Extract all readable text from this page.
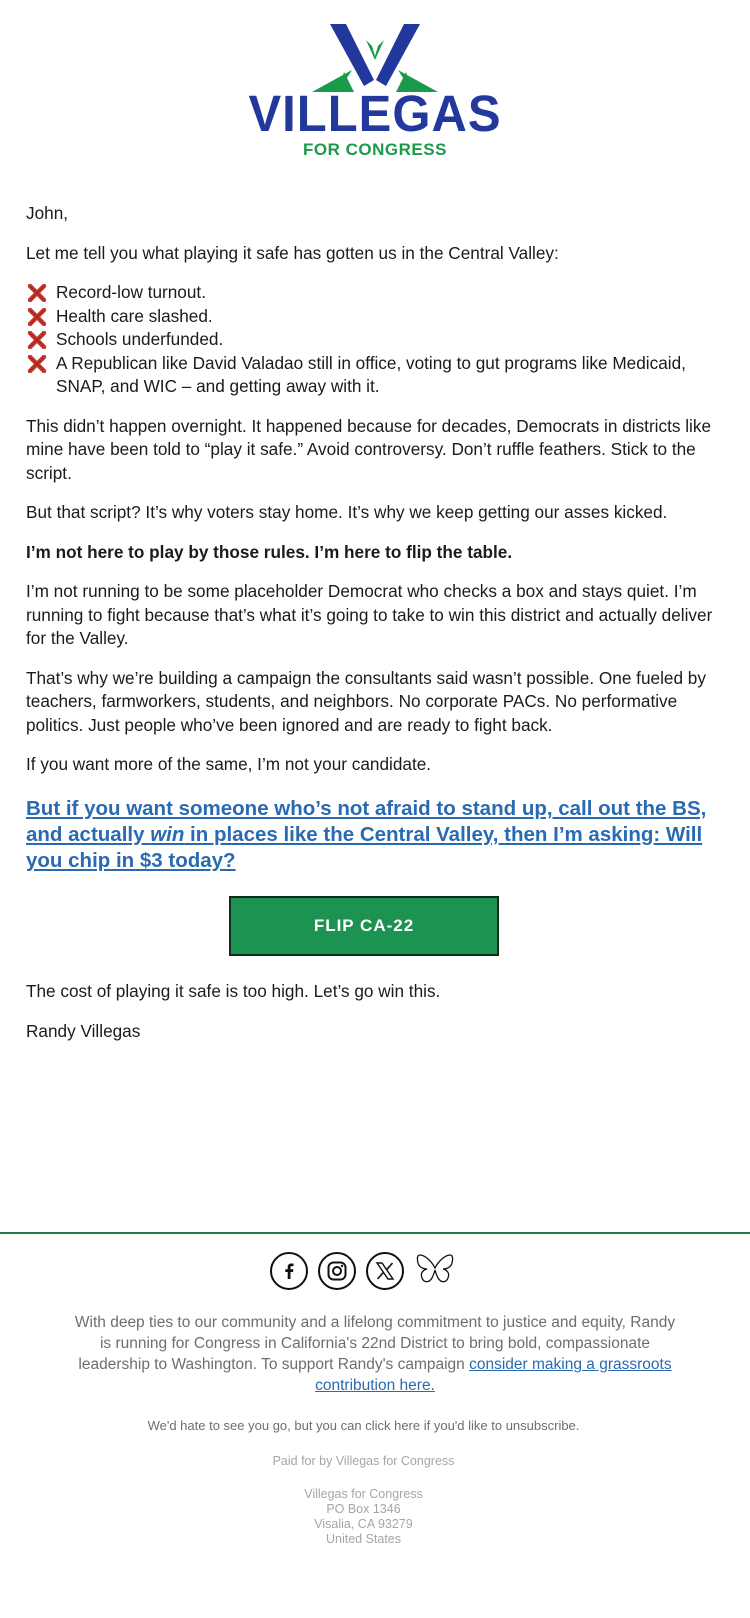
VILLEGAS
FOR CONGRESS

John,

Let me tell you what playing it safe has gotten us in the Central Valley:

Record-low turnout.
Health care slashed.
Schools underfunded.
A Republican like David Valadao still in office, voting to gut programs like Medicaid, SNAP, and WIC – and getting away with it.

This didn’t happen overnight. It happened because for decades, Democrats in districts like mine have been told to “play it safe.” Avoid controversy. Don’t ruffle feathers. Stick to the script.

But that script? It’s why voters stay home. It’s why we keep getting our asses kicked.

I’m not here to play by those rules. I’m here to flip the table.

I’m not running to be some placeholder Democrat who checks a box and stays quiet. I’m running to fight because that’s what it’s going to take to win this district and actually deliver for the Valley.

That’s why we’re building a campaign the consultants said wasn’t possible. One fueled by teachers, farmworkers, students, and neighbors. No corporate PACs. No performative politics. Just people who’ve been ignored and are ready to fight back.

If you want more of the same, I’m not your candidate.

But if you want someone who’s not afraid to stand up, call out the BS, and actually win in places like the Central Valley, then I’m asking: Will you chip in $3 today?
FLIP CA-22

The cost of playing it safe is too high. Let’s go win this.

Randy Villegas

With deep ties to our community and a lifelong commitment to justice and equity, Randy is running for Congress in California's 22nd District to bring bold, compassionate leadership to Washington. To support Randy's campaign consider making a grassroots contribution here.
We'd hate to see you go, but you can click here if you'd like to unsubscribe.
Paid for by Villegas for Congress
Villegas for Congress
PO Box 1346
Visalia, CA 93279
United States
